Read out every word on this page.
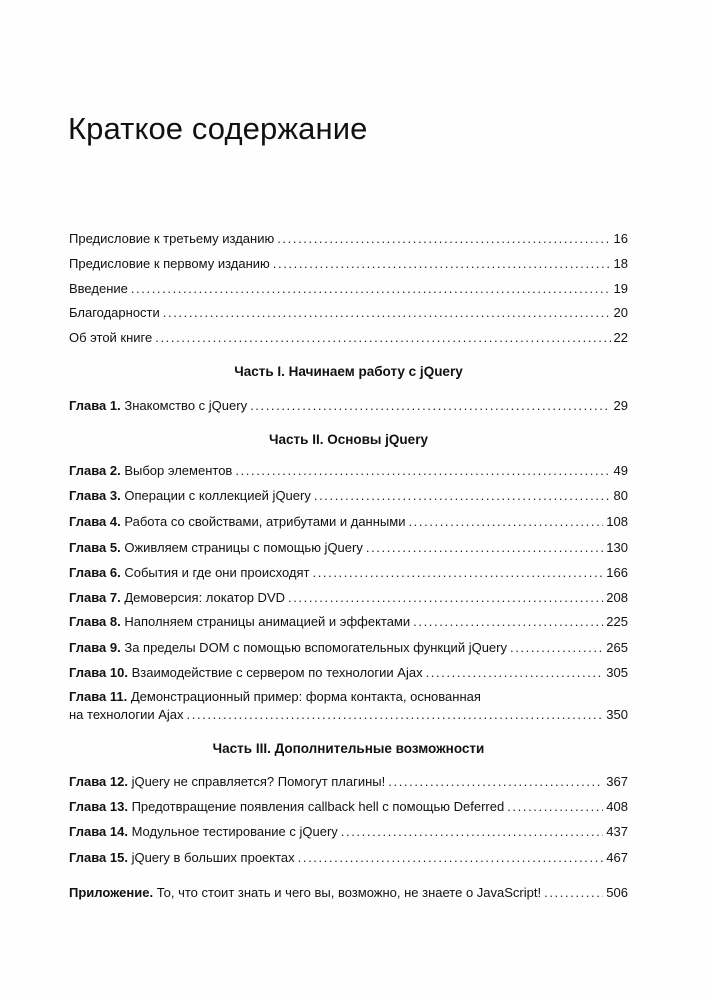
Краткое содержание
Предисловие к третьему изданию .....	16
Предисловие к первому изданию .....	18
Введение .....	19
Благодарности .....	20
Об этой книге .....	22
Часть I. Начинаем работу с jQuery
Глава 1. Знакомство с jQuery .....	29
Часть II. Основы jQuery
Глава 2. Выбор элементов .....	49
Глава 3. Операции с коллекцией jQuery .....	80
Глава 4. Работа со свойствами, атрибутами и данными .....	108
Глава 5. Оживляем страницы с помощью jQuery .....	130
Глава 6. События и где они происходят .....	166
Глава 7. Демоверсия: локатор DVD .....	208
Глава 8. Наполняем страницы анимацией и эффектами .....	225
Глава 9. За пределы DOM с помощью вспомогательных функций jQuery .....	265
Глава 10. Взаимодействие с сервером по технологии Ajax .....	305
Глава 11. Демонстрационный пример: форма контакта, основанная
на технологии Ajax .....	350
Часть III. Дополнительные возможности
Глава 12. jQuery не справляется? Помогут плагины! .....	367
Глава 13. Предотвращение появления callback hell с помощью Deferred .....	408
Глава 14. Модульное тестирование с jQuery .....	437
Глава 15. jQuery в больших проектах .....	467
Приложение. То, что стоит знать и чего вы, возможно, не знаете о JavaScript! .....	506
